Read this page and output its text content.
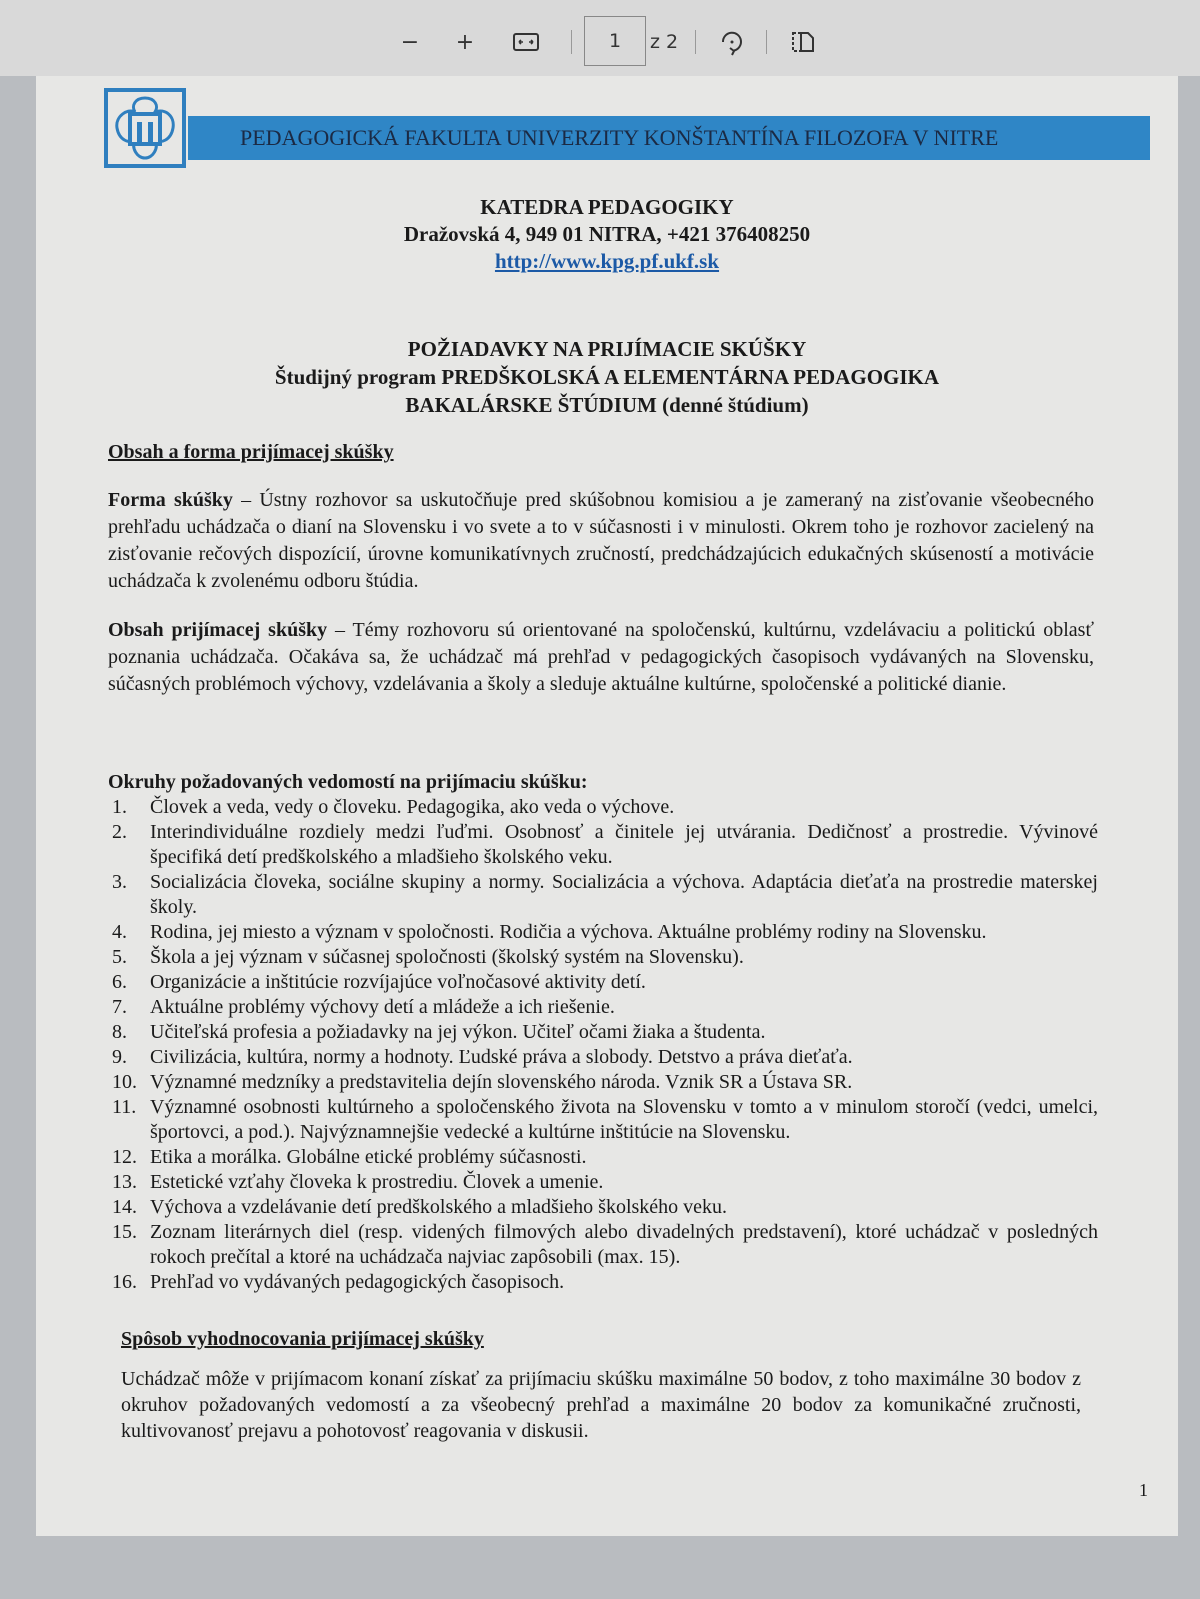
− +	1	z 2
PEDAGOGICKÁ FAKULTA UNIVERZITY KONŠTANTÍNA FILOZOFA V NITRE
KATEDRA PEDAGOGIKY
Dražovská 4, 949 01 NITRA, +421 376408250
http://www.kpg.pf.ukf.sk
POŽIADAVKY NA PRIJÍMACIE SKÚŠKY
Študijný program PREDŠKOLSKÁ A ELEMENTÁRNA PEDAGOGIKA
BAKALÁRSKE ŠTÚDIUM (denné štúdium)
Obsah a forma prijímacej skúšky
Forma skúšky – Ústny rozhovor sa uskutočňuje pred skúšobnou komisiou a je zameraný na zisťovanie všeobecného prehľadu uchádzača o dianí na Slovensku i vo svete a to v súčasnosti i v minulosti. Okrem toho je rozhovor zacielený na zisťovanie rečových dispozícií, úrovne komunikatívnych zručností, predchádzajúcich edukačných skúseností a motivácie uchádzača k zvolenému odboru štúdia.
Obsah prijímacej skúšky – Témy rozhovoru sú orientované na spoločenskú, kultúrnu, vzdelávaciu a politickú oblasť poznania uchádzača. Očakáva sa, že uchádzač má prehľad v pedagogických časopisoch vydávaných na Slovensku, súčasných problémoch výchovy, vzdelávania a školy a sleduje aktuálne kultúrne, spoločenské a politické dianie.
Okruhy požadovaných vedomostí na prijímaciu skúšku:
1.	Človek a veda, vedy o človeku. Pedagogika, ako veda o výchove.
2.	Interindividuálne rozdiely medzi ľuďmi. Osobnosť a činitele jej utvárania. Dedičnosť a prostredie. Vývinové špecifiká detí predškolského a mladšieho školského veku.
3.	Socializácia človeka, sociálne skupiny a normy. Socializácia a výchova. Adaptácia dieťaťa na prostredie materskej školy.
4.	Rodina, jej miesto a význam v spoločnosti. Rodičia a výchova. Aktuálne problémy rodiny na Slovensku.
5.	Škola a jej význam v súčasnej spoločnosti (školský systém na Slovensku).
6.	Organizácie a inštitúcie rozvíjajúce voľnočasové aktivity detí.
7.	Aktuálne problémy výchovy detí a mládeže a ich riešenie.
8.	Učiteľská profesia a požiadavky na jej výkon. Učiteľ očami žiaka a študenta.
9.	Civilizácia, kultúra, normy a hodnoty. Ľudské práva a slobody. Detstvo a práva dieťaťa.
10. Významné medzníky a predstavitelia dejín slovenského národa. Vznik SR a Ústava SR.
11. Významné osobnosti kultúrneho a spoločenského života na Slovensku v tomto a v minulom storočí (vedci, umelci, športovci, a pod.). Najvýznamnejšie vedecké a kultúrne inštitúcie na Slovensku.
12. Etika a morálka. Globálne etické problémy súčasnosti.
13. Estetické vzťahy človeka k prostrediu. Človek a umenie.
14. Výchova a vzdelávanie detí predškolského a mladšieho školského veku.
15. Zoznam literárnych diel (resp. videných filmových alebo divadelných predstavení), ktoré uchádzač v posledných rokoch prečítal a ktoré na uchádzača najviac zapôsobili (max. 15).
16. Prehľad vo vydávaných pedagogických časopisoch.
Spôsob vyhodnocovania prijímacej skúšky
Uchádzač môže v prijímacom konaní získať za prijímaciu skúšku maximálne 50 bodov, z toho maximálne 30 bodov z okruhov požadovaných vedomostí a za všeobecný prehľad a maximálne 20 bodov za komunikačné zručnosti, kultivovanosť prejavu a pohotovosť reagovania v diskusii.
1
